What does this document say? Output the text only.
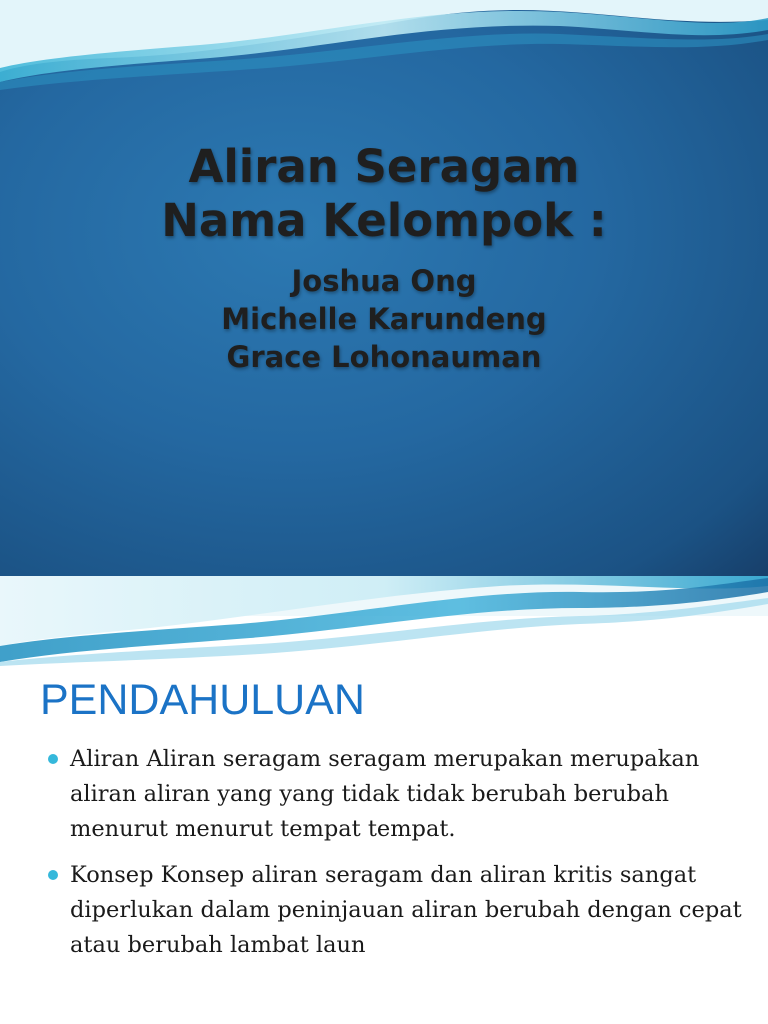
Aliran Seragam
Nama Kelompok :
Joshua Ong
Michelle Karundeng
Grace Lohonauman
PENDAHULUAN
Aliran Aliran seragam seragam merupakan merupakan aliran aliran yang yang tidak tidak berubah berubah menurut menurut tempat tempat.
Konsep Konsep aliran seragam dan aliran kritis sangat diperlukan dalam peninjauan aliran berubah dengan cepat atau berubah lambat laun
